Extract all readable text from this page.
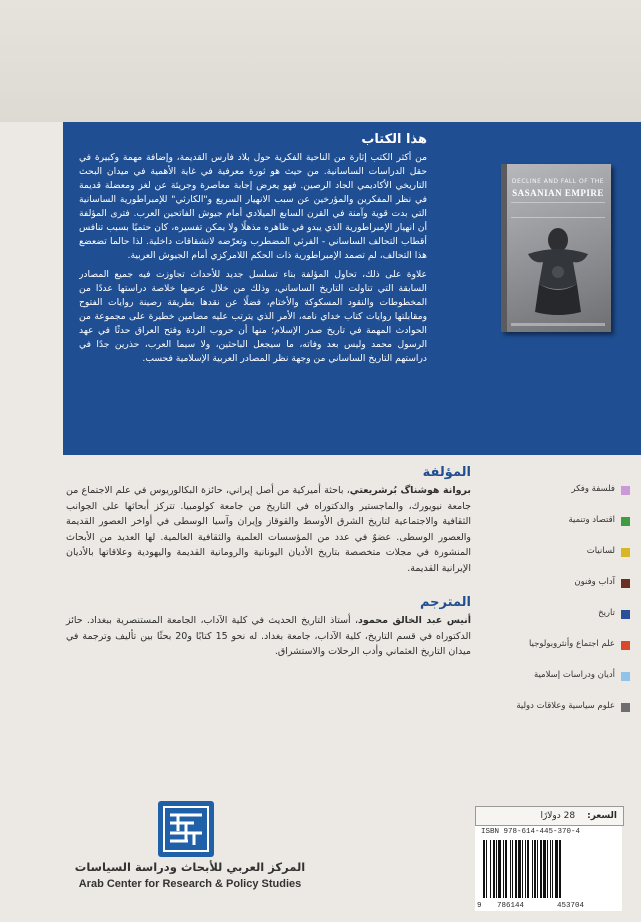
هذا الكتاب

من أكثر الكتب إثارة من الناحية الفكرية حول بلاد فارس القديمة، وإضافة مهمة وكبيرة في حقل الدراسات الساسانية. من حيث هو ثورة معرفية في غاية الأهمية في ميدان البحث التاريخي الأكاديمي الجاد الرصين. فهو يعرض إجابة معاصرة وجريئة عن لغز ومعضلة قديمة في نظر المفكرين والمؤرخين عن سبب الانهيار السريع و"الكارثي" للإمبراطورية الساسانية التي بدت قوية وآمنة في القرن السابع الميلادي أمام جيوش الفاتحين العرب. فترى المؤلفة أن انهيار الإمبراطورية الذي يبدو في ظاهره مذهلًا ولا يمكن تفسيره، كان حتميًا بسبب تنافس أقطاب التحالف الساساني - الفرثي المضطرب وتعرّضه لانشقاقات داخلية. لذا حالما تضعضع هذا التحالف، لم تصمد الإمبراطورية ذات الحكم اللامركزي أمام الجيوش العربية.

علاوة على ذلك، تحاول المؤلفة بناء تسلسل جديد للأحداث تجاوزت فيه جميع المصادر السابقة التي تناولت التاريخ الساساني، وذلك من خلال عرضها خلاصة دراستها عددًا من المخطوطات والنقود المسكوكة والأختام، فضلًا عن نقدها بطريقة رصينة روايات الفتوح ومقابلتها روايات كتاب خداي نامه، الأمر الذي يترتب عليه مضامين خطيرة على مجموعة من الحوادث المهمة في تاريخ صدر الإسلام؛ منها أن حروب الردة وفتح العراق حدثًا في عهد الرسول محمد وليس بعد وفاته، ما سيجعل الباحثين، ولا سيما العرب، حذرين جدًا في دراستهم التاريخ الساساني من وجهة نظر المصادر العربية الإسلامية فحسب.

DECLINE AND FALL OF THE
SASANIAN EMPIRE
المؤلفة

بروانة هوشناگ بُرشريعتي، باحثة أميركية من أصل إيراني، حائزة البكالوريوس في علم الاجتماع من جامعة نيويورك، والماجستير والدكتوراه في التاريخ من جامعة كولومبيا. تتركز أبحاثها على الجوانب الثقافية والاجتماعية لتاريخ الشرق الأوسط والقوقاز وإيران وآسيا الوسطى في أواخر العصور القديمة والعصور الوسطى. عضوٌ في عدد من المؤسسات العلمية والثقافية العالمية. لها العديد من الأبحاث المنشورة في مجلات متخصصة بتاريخ الأديان اليونانية والرومانية القديمة واليهودية وعلاقاتها بالأديان الإيرانية القديمة.

المترجم

أنيس عبد الخالق محمود، أستاذ التاريخ الحديث في كلية الآداب، الجامعة المستنصرية ببغداد. حائز الدكتوراه في قسم التاريخ، كلية الآداب، جامعة بغداد. له نحو 15 كتابًا و20 بحثًا بين تأليف وترجمة في ميدان التاريخ العثماني وأدب الرحلات والاستشراق.

فلسفة وفكر
اقتصاد وتنمية
لسانيات
آداب وفنون
تاريخ
علم اجتماع وأنثروبولوجيا
أديان ودراسات إسلامية
علوم سياسية وعلاقات دولية
المركز العربي للأبحاث ودراسة السياسات
Arab Center for Research & Policy Studies
السعر:
28 دولارًا
ISBN 978-614-445-370-4
9 786144	453704
